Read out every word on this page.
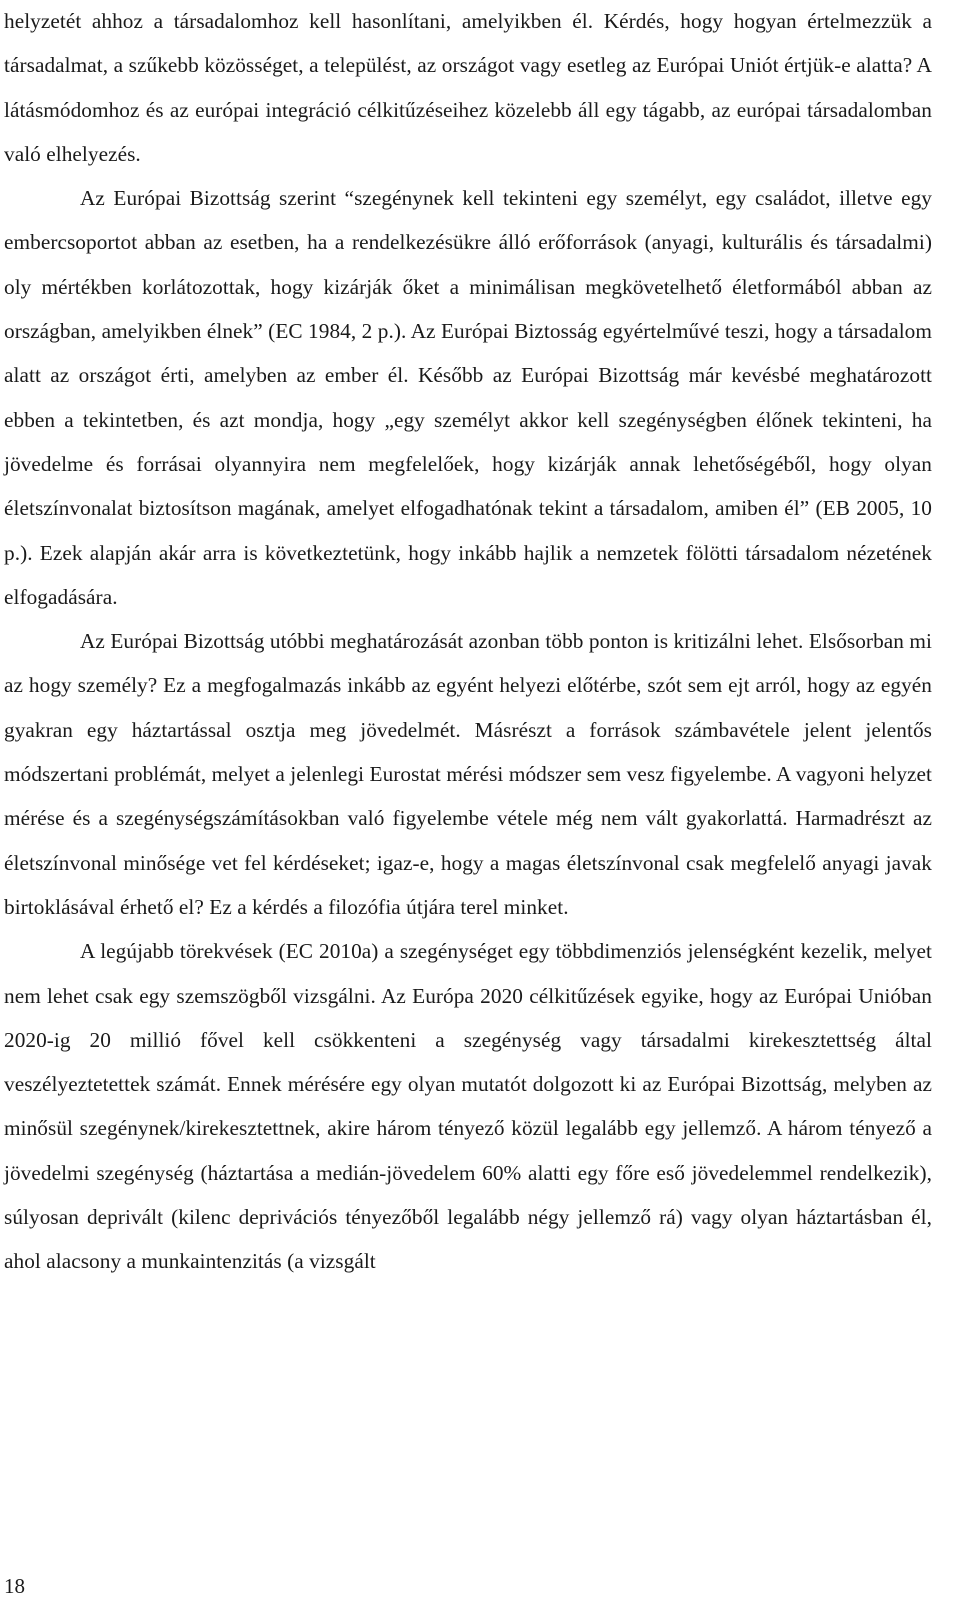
helyzetét ahhoz a társadalomhoz kell hasonlítani, amelyikben él. Kérdés, hogy hogyan értelmezzük a társadalmat, a szűkebb közösséget, a települést, az országot vagy esetleg az Európai Uniót értjük-e alatta? A látásmódomhoz és az európai integráció célkitűzéseihez közelebb áll egy tágabb, az európai társadalomban való elhelyezés.

Az Európai Bizottság szerint “szegénynek kell tekinteni egy személyt, egy családot, illetve egy embercsoportot abban az esetben, ha a rendelkezésükre álló erőforrások (anyagi, kulturális és társadalmi) oly mértékben korlátozottak, hogy kizárják őket a minimálisan megkövetelhető életformából abban az országban, amelyikben élnek” (EC 1984, 2 p.). Az Európai Biztosság egyértelművé teszi, hogy a társadalom alatt az országot érti, amelyben az ember él. Később az Európai Bizottság már kevésbé meghatározott ebben a tekintetben, és azt mondja, hogy „egy személyt akkor kell szegénységben élőnek tekinteni, ha jövedelme és forrásai olyannyira nem megfelelőek, hogy kizárják annak lehetőségéből, hogy olyan életszínvonalat biztosítson magának, amelyet elfogadhatónak tekint a társadalom, amiben él” (EB 2005, 10 p.). Ezek alapján akár arra is következtetünk, hogy inkább hajlik a nemzetek fölötti társadalom nézetének elfogadására.

Az Európai Bizottság utóbbi meghatározását azonban több ponton is kritizálni lehet. Elsősorban mi az hogy személy? Ez a megfogalmazás inkább az egyént helyezi előtérbe, szót sem ejt arról, hogy az egyén gyakran egy háztartással osztja meg jövedelmét. Másrészt a források számbavétele jelent jelentős módszertani problémát, melyet a jelenlegi Eurostat mérési módszer sem vesz figyelembe. A vagyoni helyzet mérése és a szegénységszámításokban való figyelembe vétele még nem vált gyakorlattá. Harmadrészt az életszínvonal minősége vet fel kérdéseket; igaz-e, hogy a magas életszínvonal csak megfelelő anyagi javak birtoklásával érhető el? Ez a kérdés a filozófia útjára terel minket.

A legújabb törekvések (EC 2010a) a szegénységet egy többdimenziós jelenségként kezelik, melyet nem lehet csak egy szemszögből vizsgálni. Az Európa 2020 célkitűzések egyike, hogy az Európai Unióban 2020-ig 20 millió fővel kell csökkenteni a szegénység vagy társadalmi kirekesztettség által veszélyeztetettek számát. Ennek mérésére egy olyan mutatót dolgozott ki az Európai Bizottság, melyben az minősül szegénynek/kirekesztettnek, akire három tényező közül legalább egy jellemző. A három tényező a jövedelmi szegénység (háztartása a medián-jövedelem 60% alatti egy főre eső jövedelemmel rendelkezik), súlyosan deprivált (kilenc deprivációs tényezőből legalább négy jellemző rá) vagy olyan háztartásban él, ahol alacsony a munkaintenzitás (a vizsgált

18
